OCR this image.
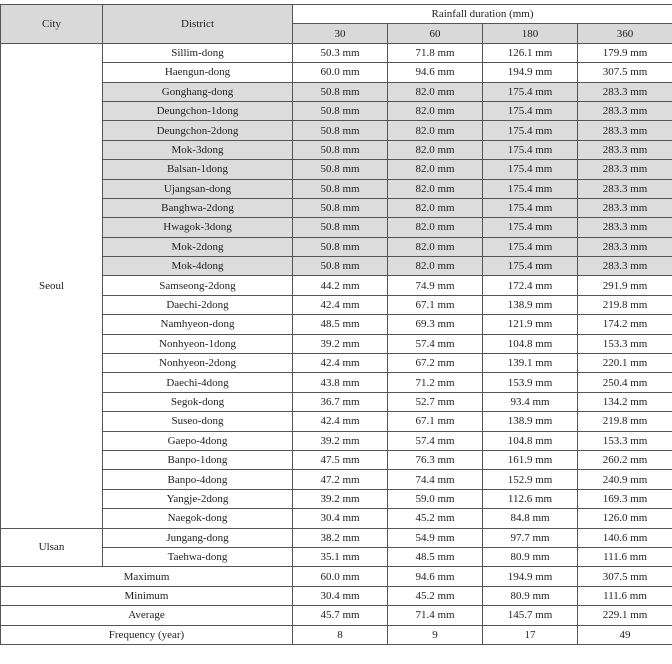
City	District	Rainfall duration (mm)			
		30	60	180	360
Seoul	Sillim-dong	50.3 mm	71.8 mm	126.1 mm	179.9 mm
	Haengun-dong	60.0 mm	94.6 mm	194.9 mm	307.5 mm
	Gonghang-dong	50.8 mm	82.0 mm	175.4 mm	283.3 mm
	Deungchon-1dong	50.8 mm	82.0 mm	175.4 mm	283.3 mm
	Deungchon-2dong	50.8 mm	82.0 mm	175.4 mm	283.3 mm
	Mok-3dong	50.8 mm	82.0 mm	175.4 mm	283.3 mm
	Balsan-1dong	50.8 mm	82.0 mm	175.4 mm	283.3 mm
	Ujangsan-dong	50.8 mm	82.0 mm	175.4 mm	283.3 mm
	Banghwa-2dong	50.8 mm	82.0 mm	175.4 mm	283.3 mm
	Hwagok-3dong	50.8 mm	82.0 mm	175.4 mm	283.3 mm
	Mok-2dong	50.8 mm	82.0 mm	175.4 mm	283.3 mm
	Mok-4dong	50.8 mm	82.0 mm	175.4 mm	283.3 mm
	Samseong-2dong	44.2 mm	74.9 mm	172.4 mm	291.9 mm
	Daechi-2dong	42.4 mm	67.1 mm	138.9 mm	219.8 mm
	Namhyeon-dong	48.5 mm	69.3 mm	121.9 mm	174.2 mm
	Nonhyeon-1dong	39.2 mm	57.4 mm	104.8 mm	153.3 mm
	Nonhyeon-2dong	42.4 mm	67.2 mm	139.1 mm	220.1 mm
	Daechi-4dong	43.8 mm	71.2 mm	153.9 mm	250.4 mm
	Segok-dong	36.7 mm	52.7 mm	93.4 mm	134.2 mm
	Suseo-dong	42.4 mm	67.1 mm	138.9 mm	219.8 mm
	Gaepo-4dong	39.2 mm	57.4 mm	104.8 mm	153.3 mm
	Banpo-1dong	47.5 mm	76.3 mm	161.9 mm	260.2 mm
	Banpo-4dong	47.2 mm	74.4 mm	152.9 mm	240.9 mm
	Yangje-2dong	39.2 mm	59.0 mm	112.6 mm	169.3 mm
	Naegok-dong	30.4 mm	45.2 mm	84.8 mm	126.0 mm
Ulsan	Jungang-dong	38.2 mm	54.9 mm	97.7 mm	140.6 mm
	Taehwa-dong	35.1 mm	48.5 mm	80.9 mm	111.6 mm
Maximum		60.0 mm	94.6 mm	194.9 mm	307.5 mm
Minimum		30.4 mm	45.2 mm	80.9 mm	111.6 mm
Average		45.7 mm	71.4 mm	145.7 mm	229.1 mm
Frequency (year)		8	9	17	49
